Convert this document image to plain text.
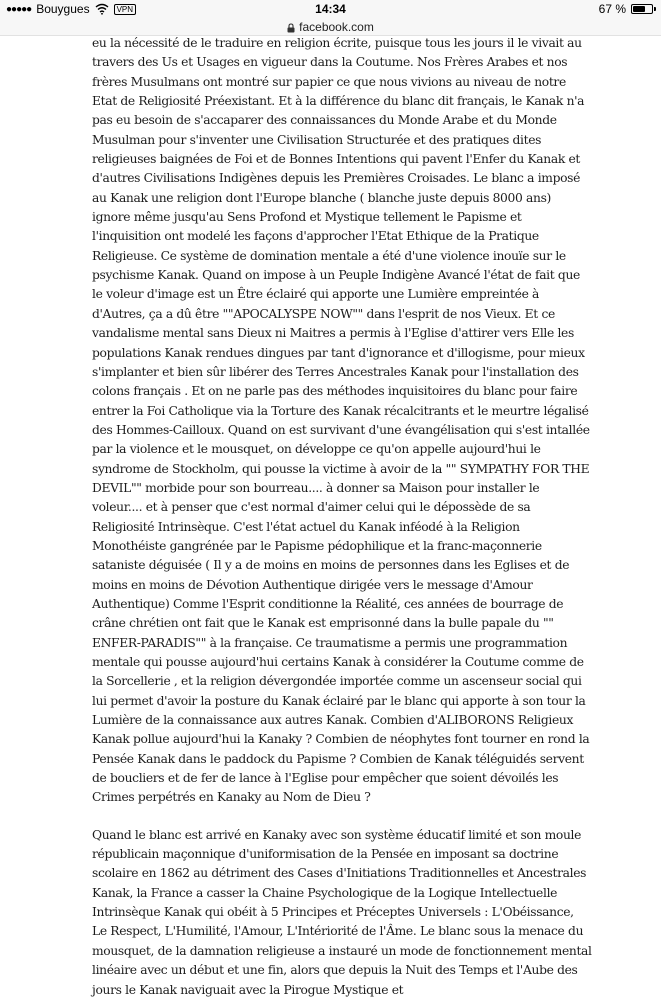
●●●●● Bouygues	VPN	14:34	67 %
facebook.com

eu la nécessité de le traduire en religion écrite, puisque tous les jours il le vivait au travers des Us et Usages en vigueur dans la Coutume. Nos Frères Arabes et nos frères Musulmans ont montré sur papier ce que nous vivions au niveau de notre Etat de Religiosité Préexistant. Et à la différence du blanc dit français, le Kanak n'a pas eu besoin de s'accaparer des connaissances du Monde Arabe et du Monde Musulman pour s'inventer une Civilisation Structurée et des pratiques dites religieuses baignées de Foi et de Bonnes Intentions qui pavent l'Enfer du Kanak et d'autres Civilisations Indigènes depuis les Premières Croisades. Le blanc a imposé au Kanak une religion dont l'Europe blanche ( blanche juste depuis 8000 ans) ignore même jusqu'au Sens Profond et Mystique tellement le Papisme et l'inquisition ont modelé les façons d'approcher l'Etat Ethique de la Pratique Religieuse. Ce système de domination mentale a été d'une violence inouïe sur le psychisme Kanak. Quand on impose à un Peuple Indigène Avancé l'état de fait que le voleur d'image est un Être éclairé qui apporte une Lumière empreintée à d'Autres, ça a dû être ""APOCALYSPE NOW"" dans l'esprit de nos Vieux. Et ce vandalisme mental sans Dieux ni Maitres a permis à l'Eglise d'attirer vers Elle les populations Kanak rendues dingues par tant d'ignorance et d'illogisme, pour mieux s'implanter et bien sûr libérer des Terres Ancestrales Kanak pour l'installation des colons français . Et on ne parle pas des méthodes inquisitoires du blanc pour faire entrer la Foi Catholique via la Torture des Kanak récalcitrants et le meurtre légalisé des Hommes-Cailloux. Quand on est survivant d'une évangélisation qui s'est intallée par la violence et le mousquet, on développe ce qu'on appelle aujourd'hui le syndrome de Stockholm, qui pousse la victime à avoir de la "" SYMPATHY FOR THE DEVIL"" morbide pour son bourreau.... à donner sa Maison pour installer le voleur.... et à penser que c'est normal d'aimer celui qui le dépossède de sa Religiosité Intrinsèque. C'est l'état actuel du Kanak inféodé à la Religion Monothéiste gangrénée par le Papisme pédophilique et la franc-maçonnerie sataniste déguisée ( Il y a de moins en moins de personnes dans les Eglises et de moins en moins de Dévotion Authentique dirigée vers le message d'Amour Authentique) Comme l'Esprit conditionne la Réalité, ces années de bourrage de crâne chrétien ont fait que le Kanak est emprisonné dans la bulle papale du "" ENFER-PARADIS"" à la française. Ce traumatisme a permis une programmation mentale qui pousse aujourd'hui certains Kanak à considérer la Coutume comme de la Sorcellerie , et la religion dévergondée importée comme un ascenseur social qui lui permet d'avoir la posture du Kanak éclairé par le blanc qui apporte à son tour la Lumière de la connaissance aux autres Kanak. Combien d'ALIBORONS Religieux Kanak pollue aujourd'hui la Kanaky ? Combien de néophytes font tourner en rond la Pensée Kanak dans le paddock du Papisme ? Combien de Kanak téléguidés servent de boucliers et de fer de lance à l'Eglise pour empêcher que soient dévoilés les Crimes perpétrés en Kanaky au Nom de Dieu ?

Quand le blanc est arrivé en Kanaky avec son système éducatif limité et son moule républicain maçonnique d'uniformisation de la Pensée en imposant sa doctrine scolaire en 1862 au détriment des Cases d'Initiations Traditionnelles et Ancestrales Kanak, la France a casser la Chaine Psychologique de la Logique Intellectuelle Intrinsèque Kanak qui obéit à 5 Principes et Préceptes Universels : L'Obéissance, Le Respect, L'Humilité, l'Amour, L'Intériorité de l'Âme. Le blanc sous la menace du mousquet, de la damnation religieuse a instauré un mode de fonctionnement mental linéaire avec un début et une fin, alors que depuis la Nuit des Temps et l'Aube des jours le Kanak naviguait avec la Pirogue Mystique et
